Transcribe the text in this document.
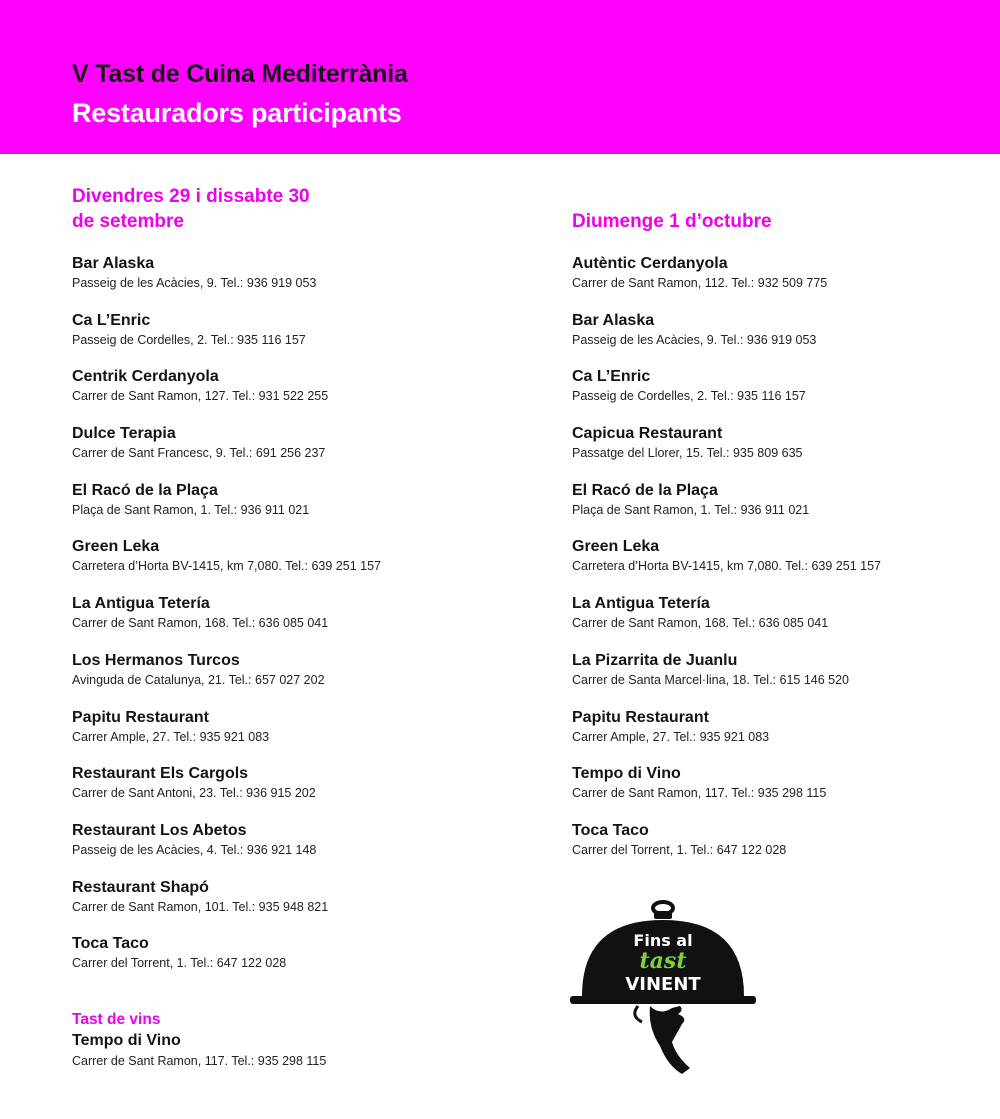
V Tast de Cuina Mediterrània
Restauradors participants
Divendres 29 i dissabte 30
de setembre
Bar Alaska
Passeig de les Acàcies, 9. Tel.: 936 919 053
Ca L’Enric
Passeig de Cordelles, 2. Tel.: 935 116 157
Centrik Cerdanyola
Carrer de Sant Ramon, 127. Tel.: 931 522 255
Dulce Terapia
Carrer de Sant Francesc, 9. Tel.: 691 256 237
El Racó de la Plaça
Plaça de Sant Ramon, 1. Tel.: 936 911 021
Green Leka
Carretera d’Horta BV-1415, km 7,080. Tel.: 639 251 157
La Antigua Tetería
Carrer de Sant Ramon, 168. Tel.: 636 085 041
Los Hermanos Turcos
Avinguda de Catalunya, 21. Tel.: 657 027 202
Papitu Restaurant
Carrer Ample, 27. Tel.: 935 921 083
Restaurant Els Cargols
Carrer de Sant Antoni, 23. Tel.: 936 915 202
Restaurant Los Abetos
Passeig de les Acàcies, 4. Tel.: 936 921 148
Restaurant Shapó
Carrer de Sant Ramon, 101. Tel.: 935 948 821
Toca Taco
Carrer del Torrent, 1. Tel.: 647 122 028
Tast de vins
Tempo di Vino
Carrer de Sant Ramon, 117. Tel.: 935 298 115
Diumenge 1 d’octubre
Autèntic Cerdanyola
Carrer de Sant Ramon, 112. Tel.: 932 509 775
Bar Alaska
Passeig de les Acàcies, 9. Tel.: 936 919 053
Ca L’Enric
Passeig de Cordelles, 2. Tel.: 935 116 157
Capicua Restaurant
Passatge del Llorer, 15. Tel.: 935 809 635
El Racó de la Plaça
Plaça de Sant Ramon, 1. Tel.: 936 911 021
Green Leka
Carretera d’Horta BV-1415, km 7,080. Tel.: 639 251 157
La Antigua Tetería
Carrer de Sant Ramon, 168. Tel.: 636 085 041
La Pizarrita de Juanlu
Carrer de Santa Marcel·lina, 18. Tel.: 615 146 520
Papitu Restaurant
Carrer Ample, 27. Tel.: 935 921 083
Tempo di Vino
Carrer de Sant Ramon, 117. Tel.: 935 298 115
Toca Taco
Carrer del Torrent, 1. Tel.: 647 122 028
Fins al
tast
VINENT
